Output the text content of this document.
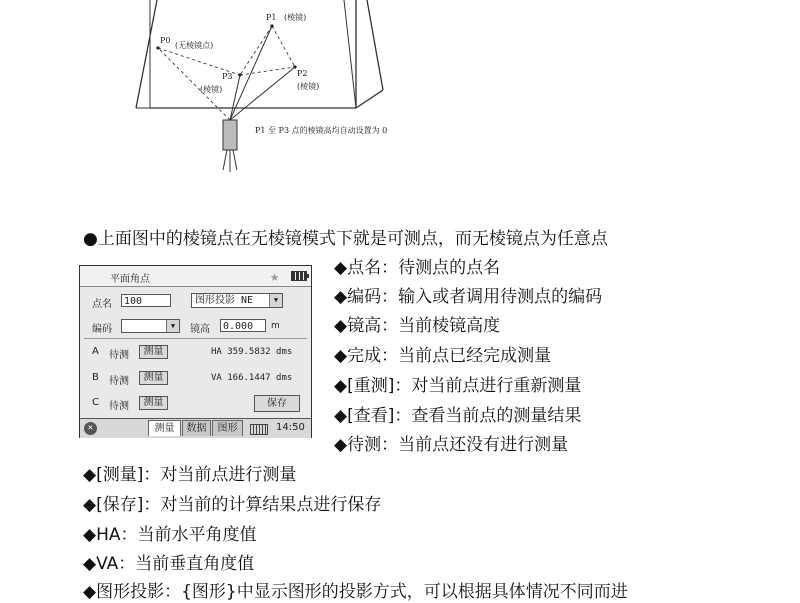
P0
(无棱镜点)
P1 (棱镜)
P2
(棱镜)
P3
(棱镜)
P1 至 P3 点的棱镜高均自动设置为 0
●上面图中的棱镜点在无棱镜模式下就是可测点，而无棱镜点为任意点
平面角点	★
点名	100	图形投影 NE	▼
编码	▼	镜高	0.000	m
A 待测	测量	HA 359.5832 dms
B 待测	测量	VA 166.1447 dms
C 待测	测量	保存
✕	测量	数据	图形	14:50
◆点名：待测点的点名
◆编码：输入或者调用待测点的编码
◆镜高：当前棱镜高度
◆完成：当前点已经完成测量
◆[重测]：对当前点进行重新测量
◆[查看]：查看当前点的测量结果
◆待测：当前点还没有进行测量
◆[测量]：对当前点进行测量
◆[保存]：对当前的计算结果点进行保存
◆HA：当前水平角度值
◆VA：当前垂直角度值
◆图形投影：{图形}中显示图形的投影方式，可以根据具体情况不同而进
